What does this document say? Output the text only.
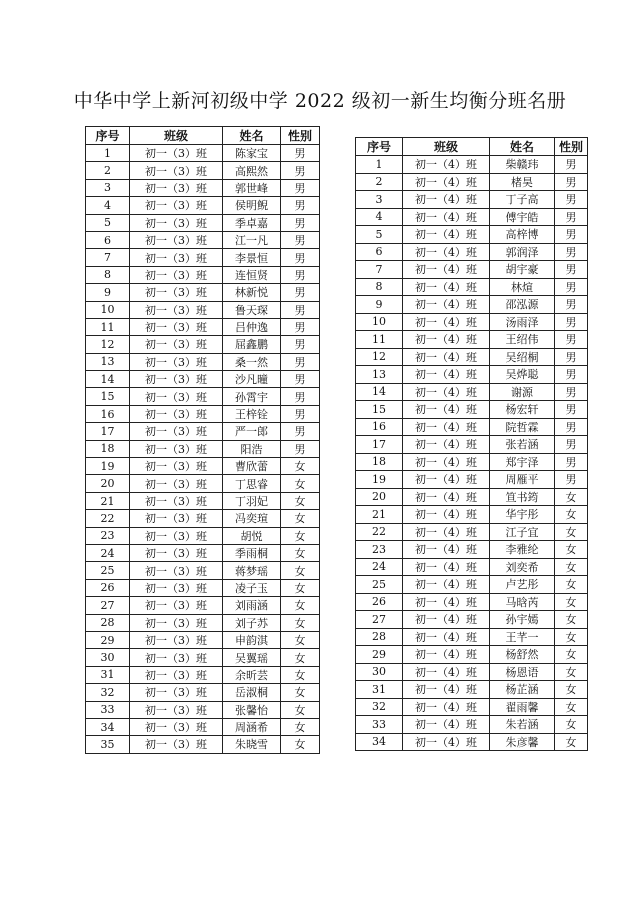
中华中学上新河初级中学 2022 级初一新生均衡分班名册
序号	班级	姓名	性别
1	初一（3）班	陈家宝	男
2	初一（3）班	高熙然	男
3	初一（3）班	郭世峰	男
4	初一（3）班	侯明鲵	男
5	初一（3）班	季卓嘉	男
6	初一（3）班	江一凡	男
7	初一（3）班	李景恒	男
8	初一（3）班	连恒贤	男
9	初一（3）班	林新悦	男
10	初一（3）班	鲁天琛	男
11	初一（3）班	吕仲逸	男
12	初一（3）班	屈鑫鹏	男
13	初一（3）班	桑一然	男
14	初一（3）班	沙凡曈	男
15	初一（3）班	孙霄宇	男
16	初一（3）班	王梓铨	男
17	初一（3）班	严一郎	男
18	初一（3）班	阳浩	男
19	初一（3）班	曹欣蕾	女
20	初一（3）班	丁思睿	女
21	初一（3）班	丁羽妃	女
22	初一（3）班	冯奕瑄	女
23	初一（3）班	胡悦	女
24	初一（3）班	季雨桐	女
25	初一（3）班	蒋梦瑶	女
26	初一（3）班	凌子玉	女
27	初一（3）班	刘雨涵	女
28	初一（3）班	刘子苏	女
29	初一（3）班	申韵淇	女
30	初一（3）班	吴翼瑶	女
31	初一（3）班	余昕芸	女
32	初一（3）班	岳淑桐	女
33	初一（3）班	张馨怡	女
34	初一（3）班	周涵希	女
35	初一（3）班	朱晓雪	女
序号	班级	姓名	性别
1	初一（4）班	柴赣玮	男
2	初一（4）班	楮昊	男
3	初一（4）班	丁子高	男
4	初一（4）班	傅宇皓	男
5	初一（4）班	高梓博	男
6	初一（4）班	郭润泽	男
7	初一（4）班	胡宇豪	男
8	初一（4）班	林煊	男
9	初一（4）班	邵泓源	男
10	初一（4）班	汤雨泽	男
11	初一（4）班	王绍伟	男
12	初一（4）班	吴绍桐	男
13	初一（4）班	吴烨聪	男
14	初一（4）班	谢源	男
15	初一（4）班	杨宏轩	男
16	初一（4）班	院哲霖	男
17	初一（4）班	张若涵	男
18	初一（4）班	郑宇泽	男
19	初一（4）班	周雁平	男
20	初一（4）班	笪书筠	女
21	初一（4）班	华宇彤	女
22	初一（4）班	江子宜	女
23	初一（4）班	李雅纶	女
24	初一（4）班	刘奕希	女
25	初一（4）班	卢艺彤	女
26	初一（4）班	马晗芮	女
27	初一（4）班	孙宇嫣	女
28	初一（4）班	王芊一	女
29	初一（4）班	杨舒然	女
30	初一（4）班	杨恩语	女
31	初一（4）班	杨芷涵	女
32	初一（4）班	翟雨馨	女
33	初一（4）班	朱若涵	女
34	初一（4）班	朱彦馨	女
